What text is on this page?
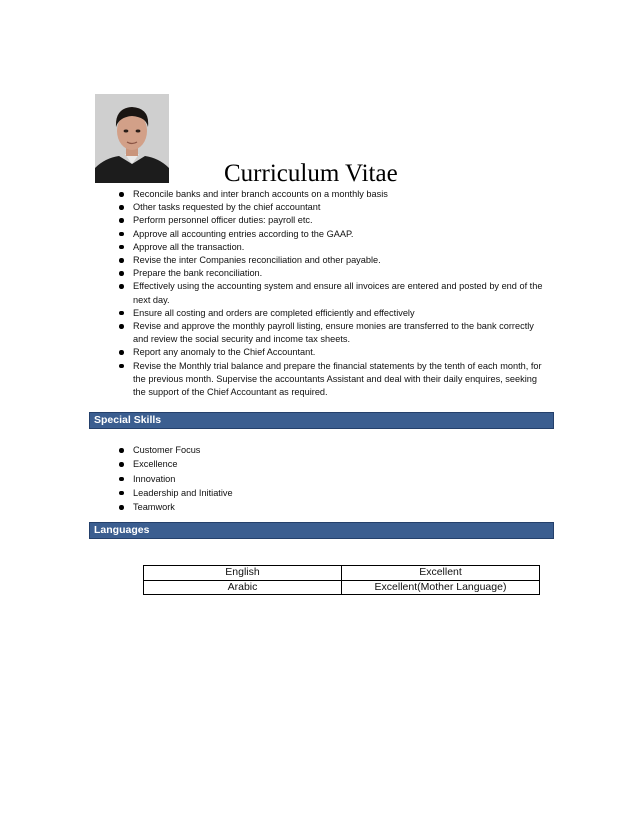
Curriculum Vitae
Reconcile banks and inter branch accounts on a monthly basis
Other tasks requested by the chief accountant
Perform personnel officer duties: payroll etc.
Approve all accounting entries according to the GAAP.
Approve all the transaction.
Revise the inter Companies reconciliation and other payable.
Prepare the bank reconciliation.
Effectively using the accounting system and ensure all invoices are entered and posted by end of the next day.
Ensure all costing and orders are completed efficiently and effectively
Revise and approve the monthly payroll listing, ensure monies are transferred to the bank correctly and review the social security and income tax sheets.
Report any anomaly to the Chief Accountant.
Revise the Monthly trial balance and prepare the financial statements by the tenth of each month, for the previous month. Supervise the accountants Assistant and deal with their daily enquires, seeking the support of the Chief Accountant as required.
Special Skills
Customer Focus
Excellence
Innovation
Leadership and Initiative
Teamwork
Languages
English	Excellent
Arabic	Excellent(Mother Language)
